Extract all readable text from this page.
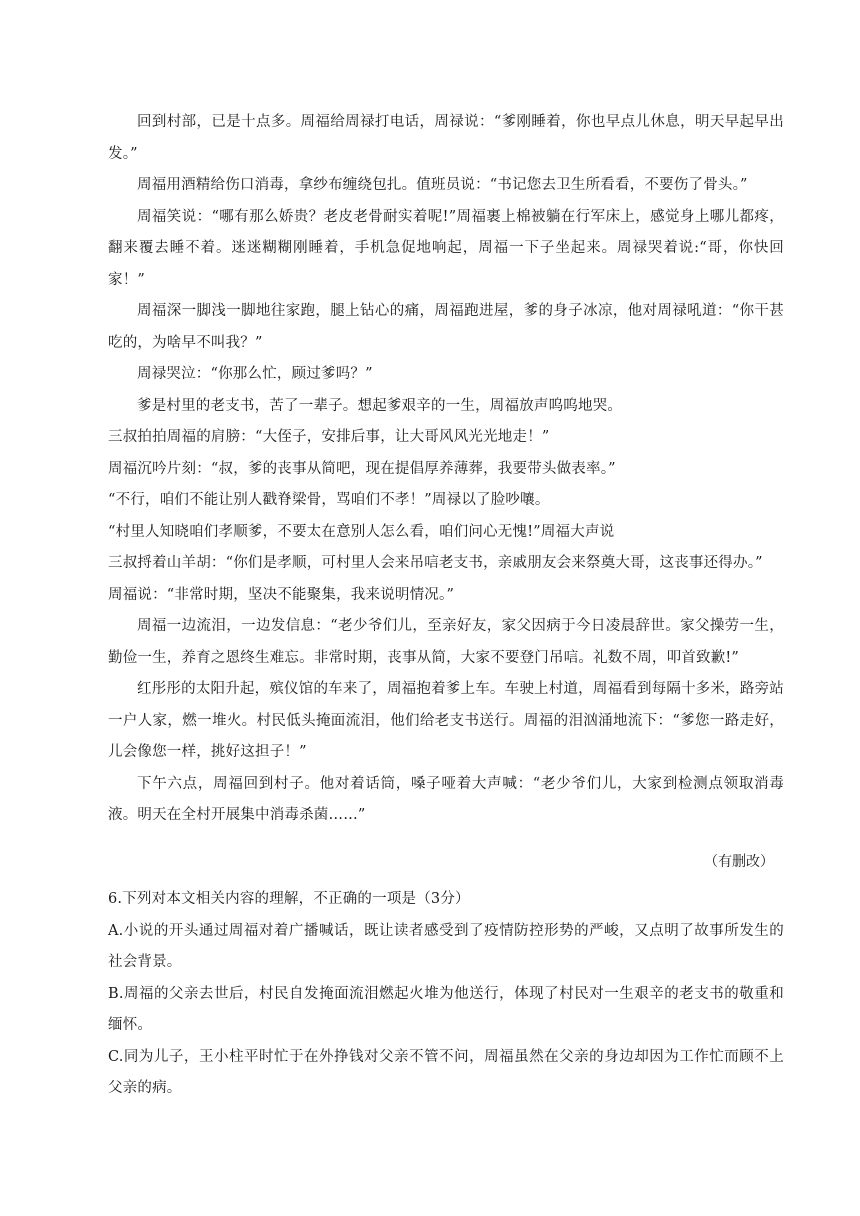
回到村部，已是十点多。周福给周禄打电话，周禄说：“爹刚睡着，你也早点儿休息，明天早起早出发。”

周福用酒精给伤口消毒，拿纱布缠绕包扎。值班员说：“书记您去卫生所看看，不要伤了骨头。”

周福笑说：“哪有那么娇贵？老皮老骨耐实着呢!”周福裹上棉被躺在行军床上，感觉身上哪儿都疼，翻来覆去睡不着。迷迷糊糊刚睡着，手机急促地响起，周福一下子坐起来。周禄哭着说:“哥，你快回家！”

周福深一脚浅一脚地往家跑，腿上钻心的痛，周福跑进屋，爹的身子冰凉，他对周禄吼道：“你干甚吃的，为啥早不叫我？”

周禄哭泣：“你那么忙，顾过爹吗？”

爹是村里的老支书，苦了一辈子。想起爹艰辛的一生，周福放声呜呜地哭。

三叔拍拍周福的肩膀：“大侄子，安排后事，让大哥风风光光地走！”

周福沉吟片刻：“叔，爹的丧事从简吧，现在提倡厚养薄葬，我要带头做表率。”

“不行，咱们不能让别人戳脊梁骨，骂咱们不孝！”周禄以了脸吵嚷。

“村里人知晓咱们孝顺爹，不要太在意别人怎么看，咱们问心无愧!”周福大声说

三叔捋着山羊胡：“你们是孝顺，可村里人会来吊唁老支书，亲戚朋友会来祭奠大哥，这丧事还得办。”

周福说：“非常时期，坚决不能聚集，我来说明情况。”

周福一边流泪，一边发信息：“老少爷们儿，至亲好友，家父因病于今日凌晨辞世。家父操劳一生，勤俭一生，养育之恩终生难忘。非常时期，丧事从简，大家不要登门吊唁。礼数不周，叩首致歉!”

红彤彤的太阳升起，殡仪馆的车来了，周福抱着爹上车。车驶上村道，周福看到每隔十多米，路旁站一户人家，燃一堆火。村民低头掩面流泪，他们给老支书送行。周福的泪汹涌地流下：“爹您一路走好，儿会像您一样，挑好这担子！”

下午六点，周福回到村子。他对着话筒，嗓子哑着大声喊：“老少爷们儿，大家到检测点领取消毒液。明天在全村开展集中消毒杀菌……”

（有删改）

6.下列对本文相关内容的理解，不正确的一项是（3分）

A.小说的开头通过周福对着广播喊话，既让读者感受到了疫情防控形势的严峻，又点明了故事所发生的社会背景。

B.周福的父亲去世后，村民自发掩面流泪燃起火堆为他送行，体现了村民对一生艰辛的老支书的敬重和缅怀。

C.同为儿子，王小柱平时忙于在外挣钱对父亲不管不问，周福虽然在父亲的身边却因为工作忙而顾不上父亲的病。
